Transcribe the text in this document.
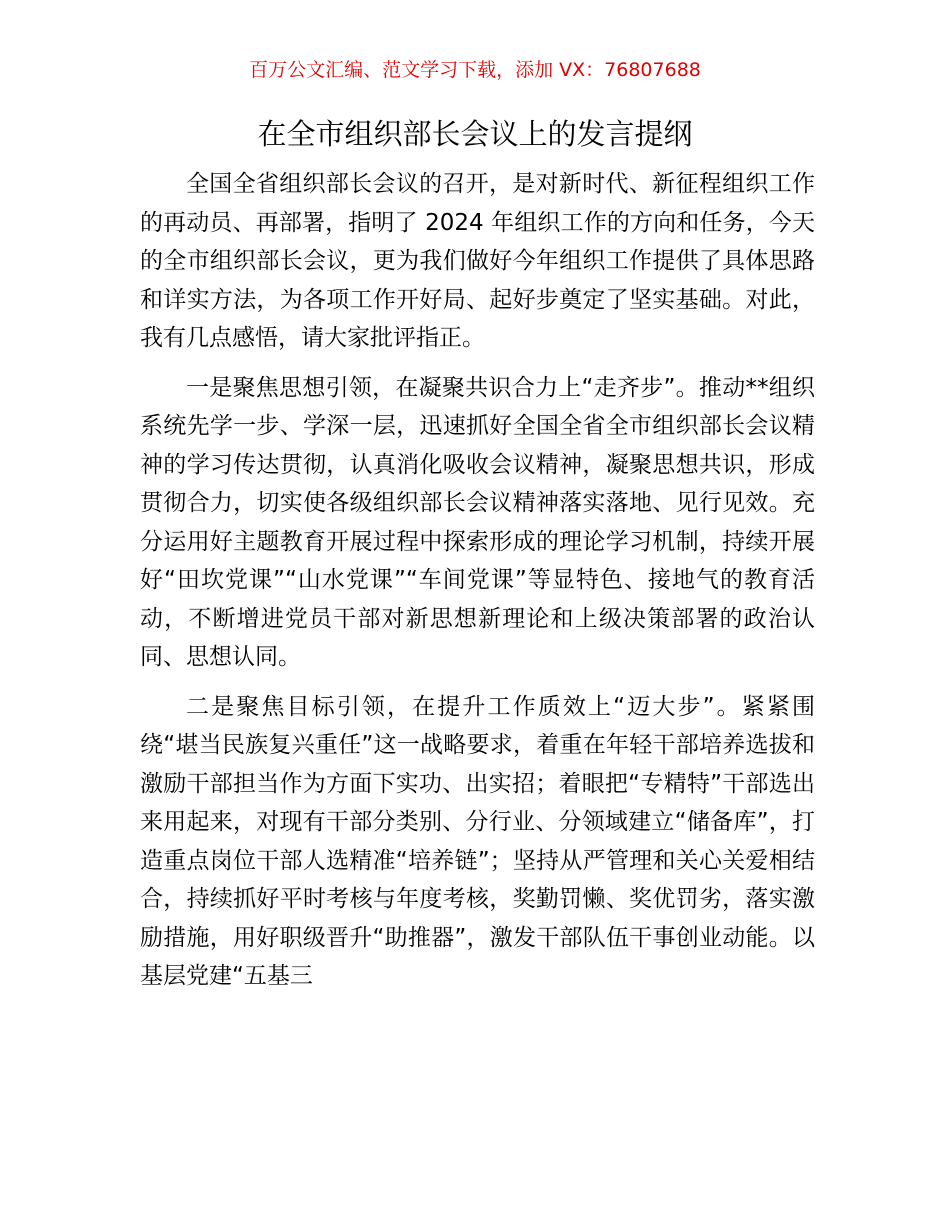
百万公文汇编、范文学习下载，添加 VX：76807688
在全市组织部长会议上的发言提纲

全国全省组织部长会议的召开，是对新时代、新征程组织工作的再动员、再部署，指明了 2024 年组织工作的方向和任务，今天的全市组织部长会议，更为我们做好今年组织工作提供了具体思路和详实方法，为各项工作开好局、起好步奠定了坚实基础。对此，我有几点感悟，请大家批评指正。

一是聚焦思想引领，在凝聚共识合力上“走齐步”。推动**组织系统先学一步、学深一层，迅速抓好全国全省全市组织部长会议精神的学习传达贯彻，认真消化吸收会议精神，凝聚思想共识，形成贯彻合力，切实使各级组织部长会议精神落实落地、见行见效。充分运用好主题教育开展过程中探索形成的理论学习机制，持续开展好“田坎党课”“山水党课”“车间党课”等显特色、接地气的教育活动，不断增进党员干部对新思想新理论和上级决策部署的政治认同、思想认同。

二是聚焦目标引领，在提升工作质效上“迈大步”。紧紧围绕“堪当民族复兴重任”这一战略要求，着重在年轻干部培养选拔和激励干部担当作为方面下实功、出实招；着眼把“专精特”干部选出来用起来，对现有干部分类别、分行业、分领域建立“储备库”，打造重点岗位干部人选精准“培养链”；坚持从严管理和关心关爱相结合，持续抓好平时考核与年度考核，奖勤罚懒、奖优罚劣，落实激励措施，用好职级晋升“助推器”，激发干部队伍干事创业动能。以基层党建“五基三
